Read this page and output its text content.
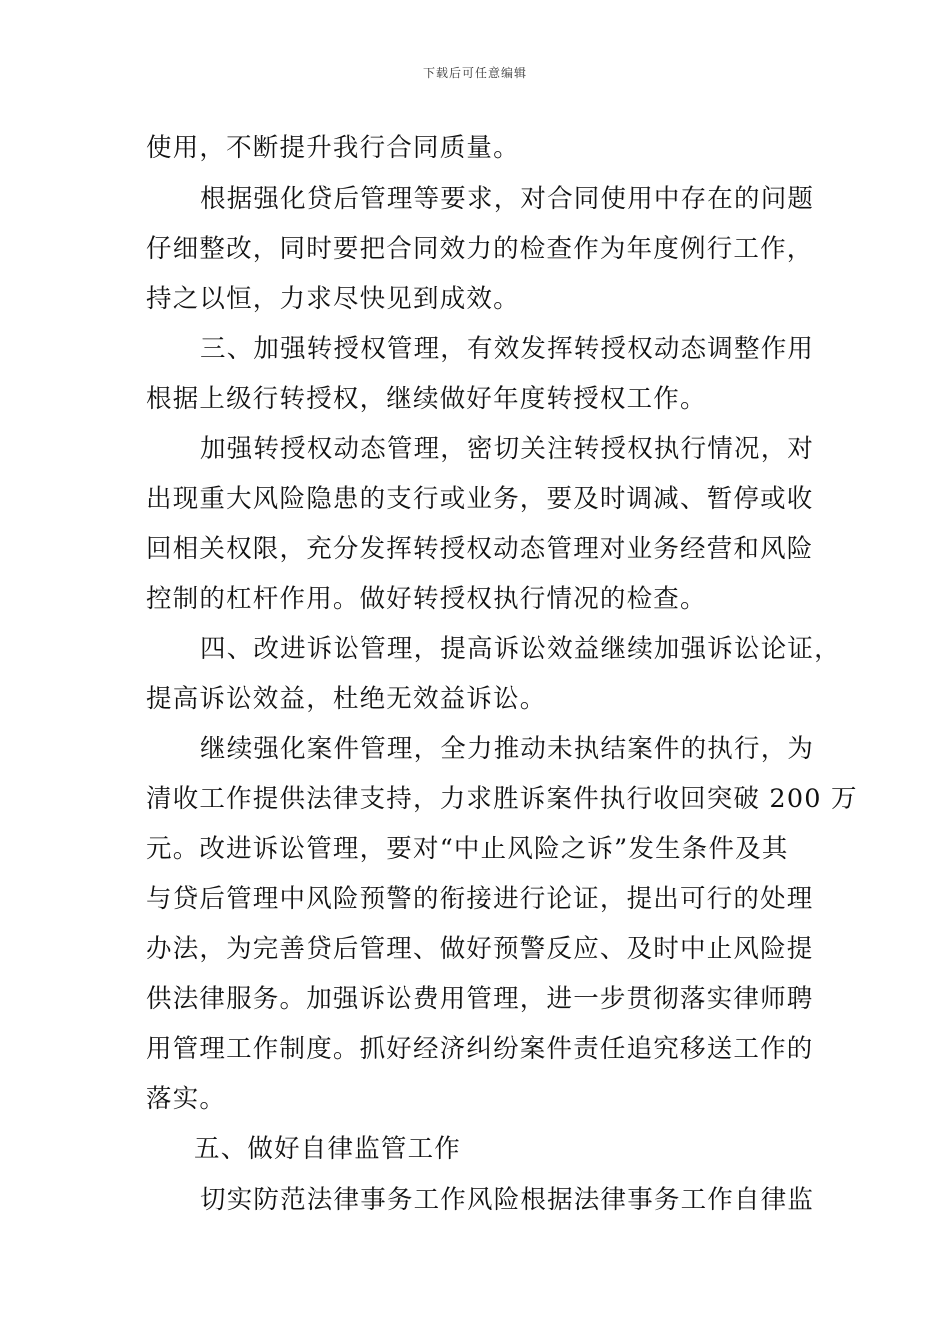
下载后可任意编辑
使用，不断提升我行合同质量。
根据强化贷后管理等要求，对合同使用中存在的问题
仔细整改，同时要把合同效力的检查作为年度例行工作，
持之以恒，力求尽快见到成效。
三、加强转授权管理，有效发挥转授权动态调整作用
根据上级行转授权，继续做好年度转授权工作。
加强转授权动态管理，密切关注转授权执行情况，对
出现重大风险隐患的支行或业务，要及时调减、暂停或收
回相关权限，充分发挥转授权动态管理对业务经营和风险
控制的杠杆作用。做好转授权执行情况的检查。
四、改进诉讼管理，提高诉讼效益继续加强诉讼论证，
提高诉讼效益，杜绝无效益诉讼。
继续强化案件管理，全力推动未执结案件的执行，为
清收工作提供法律支持，力求胜诉案件执行收回突破 200 万
元。改进诉讼管理，要对“中止风险之诉”发生条件及其
与贷后管理中风险预警的衔接进行论证，提出可行的处理
办法，为完善贷后管理、做好预警反应、及时中止风险提
供法律服务。加强诉讼费用管理，进一步贯彻落实律师聘
用管理工作制度。抓好经济纠纷案件责任追究移送工作的
落实。
五、做好自律监管工作
切实防范法律事务工作风险根据法律事务工作自律监
